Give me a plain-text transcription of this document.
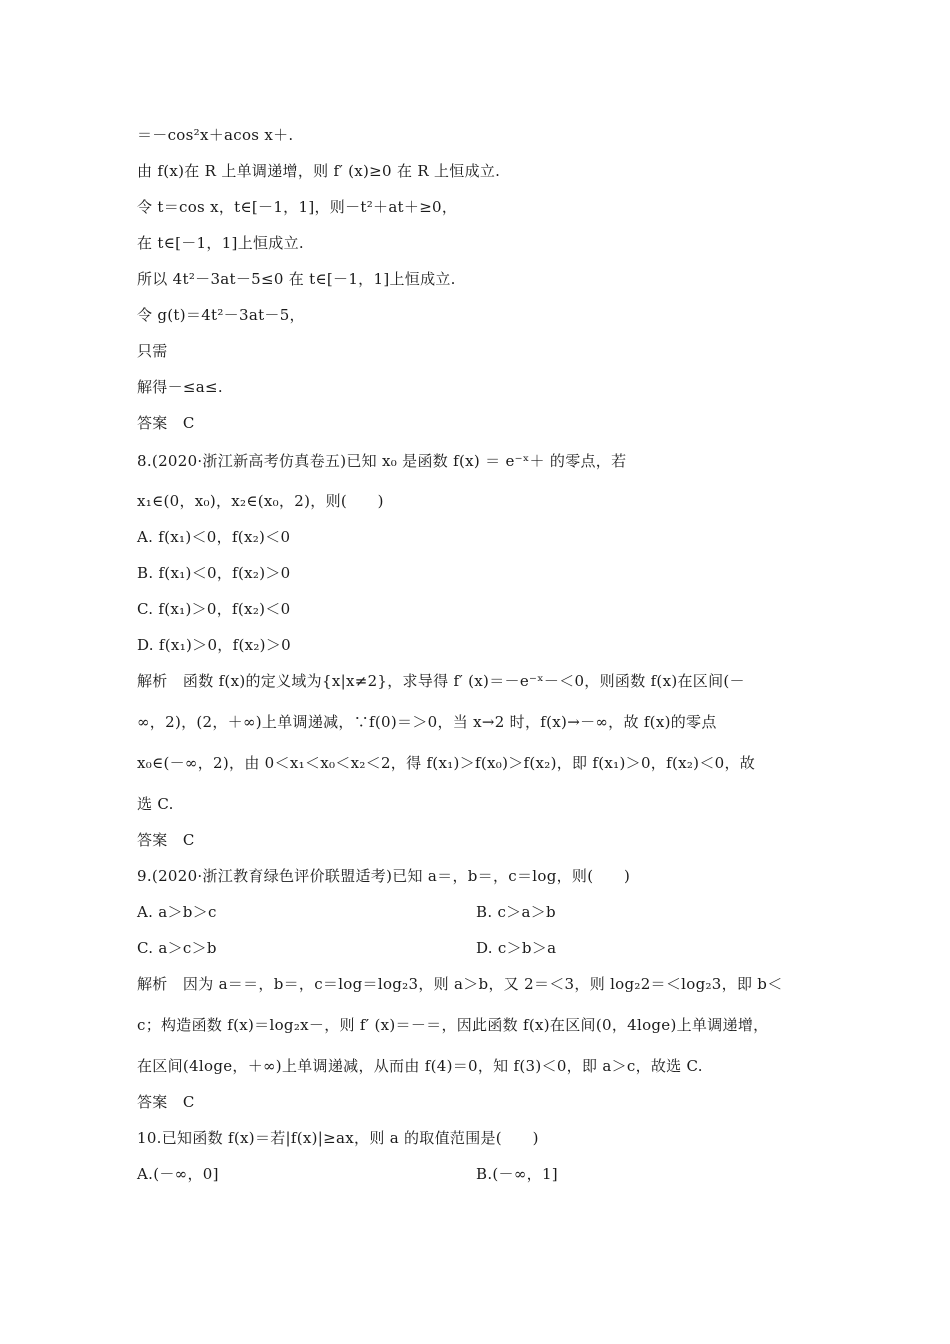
＝－cos²x＋acos x＋.
由 f(x)在 R 上单调递增，则 f′ (x)≥0 在 R 上恒成立.
令 t＝cos x，t∈[－1，1]，则－t²＋at＋≥0，
在 t∈[－1，1]上恒成立.
所以 4t²－3at－5≤0 在 t∈[－1，1]上恒成立.
令 g(t)＝4t²－3at－5，
只需
解得－≤a≤.
答案　C
8.(2020·浙江新高考仿真卷五)已知 x₀ 是函数 f(x) ＝ e⁻ˣ＋ 的零点，若
x₁∈(0，x₀)，x₂∈(x₀，2)，则(　　)
A. f(x₁)＜0，f(x₂)＜0
B. f(x₁)＜0，f(x₂)＞0
C. f(x₁)＞0，f(x₂)＜0
D. f(x₁)＞0，f(x₂)＞0
解析　函数 f(x)的定义域为{x|x≠2}，求导得 f′ (x)＝－e⁻ˣ－＜0，则函数 f(x)在区间(－
∞，2)，(2，＋∞)上单调递减，∵f(0)＝＞0，当 x→2 时，f(x)→－∞，故 f(x)的零点
x₀∈(－∞，2)，由 0＜x₁＜x₀＜x₂＜2，得 f(x₁)＞f(x₀)＞f(x₂)，即 f(x₁)＞0，f(x₂)＜0，故
选 C.
答案　C
9.(2020·浙江教育绿色评价联盟适考)已知 a＝，b＝，c＝log，则(　　)
A. a＞b＞c	B. c＞a＞b
C. a＞c＞b	D. c＞b＞a
解析　因为 a＝＝，b＝，c＝log＝log₂3，则 a＞b，又 2＝＜3，则 log₂2＝＜log₂3，即 b＜
c；构造函数 f(x)＝log₂x－，则 f′ (x)＝－＝，因此函数 f(x)在区间(0，4loge)上单调递增，
在区间(4loge，＋∞)上单调递减，从而由 f(4)＝0，知 f(3)＜0，即 a＞c，故选 C.
答案　C
10.已知函数 f(x)＝若|f(x)|≥ax，则 a 的取值范围是(　　)
A.(－∞，0]	B.(－∞，1]
